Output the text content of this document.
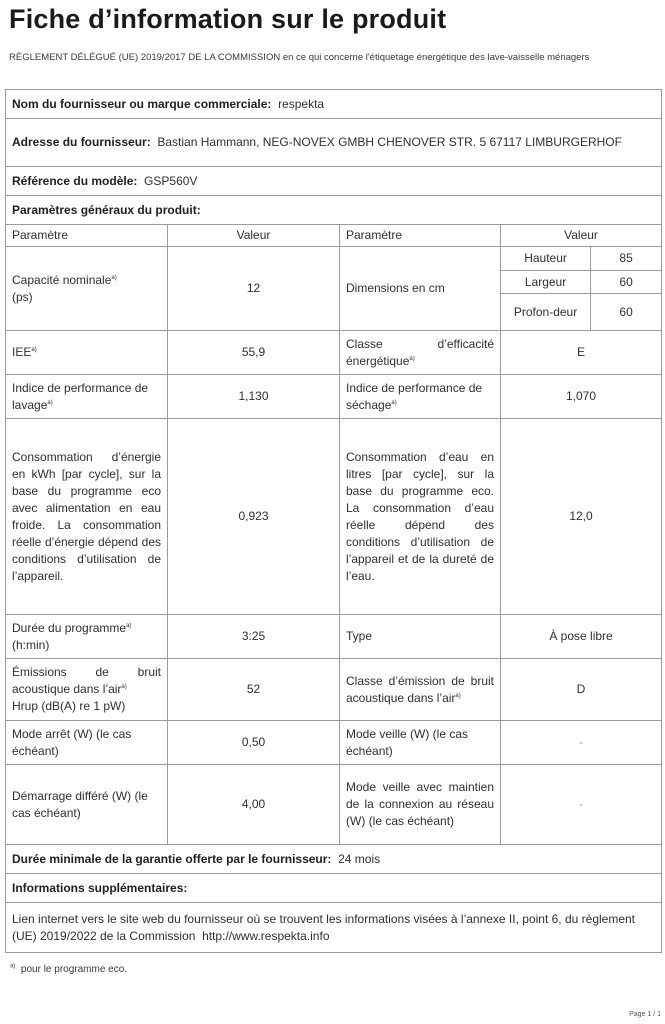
Fiche d’information sur le produit

RÈGLEMENT DÉLÉGUÉ (UE) 2019/2017 DE LA COMMISSION en ce qui concerne l'étiquetage énergétique des lave-vaisselle ménagers

Nom du fournisseur ou marque commerciale: respekta
Adresse du fournisseur: Bastian Hammann, NEG-NOVEX GMBH CHENOVER STR. 5 67117 LIMBURGERHOF
Référence du modèle: GSP560V
Paramètres généraux du produit:
Paramètre	Valeur	Paramètre	Valeur
Capacité nominale$^{a)}$
(ps)	12	Dimensions en cm	
Hauteur	85
Largeur	60
Profon-deur	60

IEE$^{a)}$	55,9	Classe d’efficacité énergétique$^{a)}$	E
Indice de performance de lavage$^{a)}$	1,130	Indice de performance de séchage$^{a)}$	1,070
Consommation d’énergie en kWh [par cycle], sur la base du programme eco avec alimentation en eau froide. La consommation réelle d’énergie dépend des conditions d’utilisation de l’appareil.	0,923	Consommation d’eau en litres [par cycle], sur la base du programme eco. La consommation d’eau réelle dépend des conditions d’utilisation de l’appareil et de la dureté de l’eau.	12,0
Durée du programme$^{a)}$
(h:min)	3:25	Type	À pose libre
Émissions de bruit acoustique dans l’air$^{a)}$
Hrup (dB(A) re 1 pW)	52	Classe d’émission de bruit acoustique dans l’air$^{a)}$	D
Mode arrêt (W) (le cas échéant)	0,50	Mode veille (W) (le cas échéant)	-
Démarrage différé (W) (le cas échéant)	4,00	Mode veille avec maintien de la connexion au réseau (W) (le cas échéant)	-
Durée minimale de la garantie offerte par le fournisseur: 24 mois
Informations supplémentaires:
Lien internet vers le site web du fournisseur où se trouvent les informations visées à l’annexe II, point 6, du règlement (UE) 2019/2022 de la Commission http://www.respekta.info
$^{a)}$ pour le programme eco.
Page 1 / 1
